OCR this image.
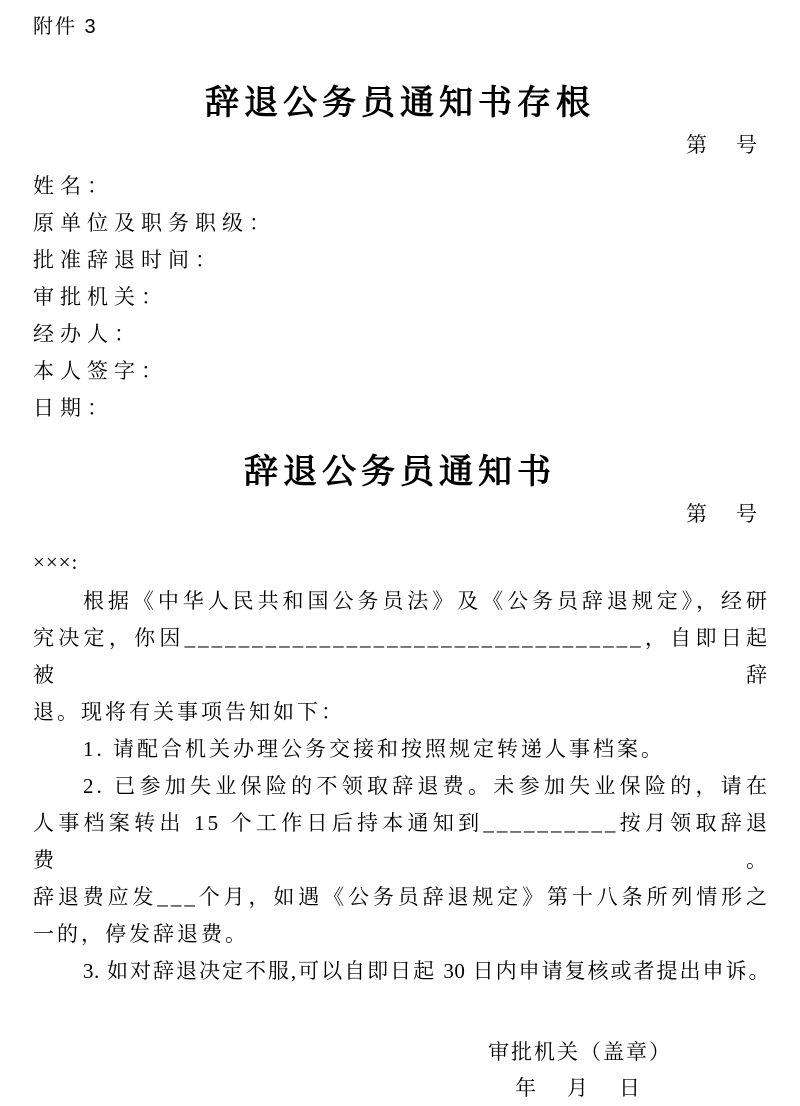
附件 3
辞退公务员通知书存根
第　号
姓名：
原单位及职务职级：
批准辞退时间：
审批机关：
经办人：
本人签字：
日期：
辞退公务员通知书
第　号
×××:
根据《中华人民共和国公务员法》及《公务员辞退规定》，经研
究决定，你因__________________________________，自即日起被辞
退。现将有关事项告知如下：
1. 请配合机关办理公务交接和按照规定转递人事档案。
2. 已参加失业保险的不领取辞退费。未参加失业保险的，请在
人事档案转出 15 个工作日后持本通知到__________按月领取辞退费。
辞退费应发___个月，如遇《公务员辞退规定》第十八条所列情形之
一的，停发辞退费。
3. 如对辞退决定不服,可以自即日起 30 日内申请复核或者提出申诉。
审批机关（盖章）
年　月　日
